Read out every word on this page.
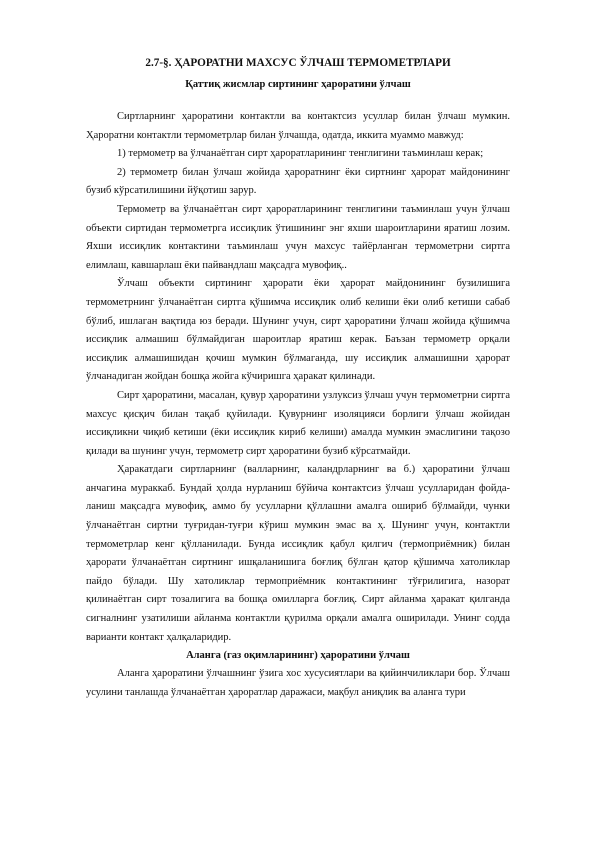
2.7-§. ҲАРОРАТНИ МАХСУС ЎЛЧАШ ТЕРМОМЕТРЛАРИ
Қаттиқ жисмлар сиртининг ҳароратини ўлчаш

Сиртларнинг ҳароратини контактли ва контактсиз усуллар билан ўлчаш мумкин. Ҳароратни контактли термометрлар билан ўлчашда, одатда, иккита муаммо мавжуд:

1) термометр ва ўлчанаётган сирт ҳароратларининг тенглигини таъминлаш керак;

2) термометр билан ўлчаш жойида ҳароратнинг ёки сиртнинг ҳарорат майдонининг бузиб кўрсатилишини йўқотиш зарур.

Термометр ва ўлчанаётган сирт ҳароратларининг тенглигини таъминлаш учун ўлчаш объекти сиртидан термометрга иссиқлик ўтишининг энг яхши шароитларини яратиш лозим. Яхши иссиқлик контактини таъминлаш учун махсус тайёрланган термометрни сиртга елимлаш, кавшарлаш ёки пайвандлаш мақсадга мувофиқ..

Ўлчаш объекти сиртининг ҳарорати ёки ҳарорат майдонининг бузилишига термометрнинг ўлчанаётган сиртга қўшимча иссиқлик олиб келиши ёки олиб кетиши сабаб бўлиб, ишлаган вақтида юз беради. Шунинг учун, сирт ҳароратини ўлчаш жойида қўшимча иссиқлик алмашиш бўлмайдиган шароитлар яратиш керак. Баъзан термометр орқали иссиқлик алмашишидан қочиш мумкин бўлмаганда, шу иссиқлик алмашишни ҳарорат ўлчанадиган жойдан бошқа жойга кўчиришга ҳаракат қилинади.

Сирт ҳароратини, масалан, қувур ҳароратини узлуксиз ўлчаш учун термометрни сиртга махсус қисқич билан тақаб қуйилади. Қувурнинг изоляцияси борлиги ўлчаш жойидан иссиқликни чиқиб кетиши (ёки иссиқлик кириб келиши) амалда мумкин эмаслигини тақозо қилади ва шунинг учун, термометр сирт ҳароратини бузиб кўрсатмайди.

Ҳаракатдаги сиртларнинг (валларнинг, каландрларнинг ва б.) ҳароратини ўлчаш анчагина мураккаб. Бундай ҳолда нурланиш бўйича контактсиз ўлчаш усулларидан фойда-ланиш мақсадга мувофиқ, аммо бу усулларни қўллашни амалга ошириб бўлмайди, чунки ўлчанаётган сиртни туғридан-туғри кўриш мумкин эмас ва ҳ. Шунинг учун, контактли термометрлар кенг қўлланилади. Бунда иссиқлик қабул қилгич (термоприёмник) билан ҳарорати ўлчанаётган сиртнинг ишқаланишига боғлиқ бўлган қатор қўшимча хатоликлар пайдо бўлади. Шу хатоликлар термоприёмник контактининг тўғрилигига, назорат қилинаётган сирт тозалигига ва бошқа омилларга боғлиқ. Сирт айланма ҳаракат қилганда сигналнинг узатилиши айланма контактли қурилма орқали амалга оширилади. Унинг содда варианти контакт ҳалқаларидир.

Аланга (газ оқимларининг) ҳароратини ўлчаш

Аланга ҳароратини ўлчашнинг ўзига хос хусусиятлари ва қийинчиликлари бор. Ўлчаш усулини танлашда ўлчанаётган ҳароратлар даражаси, мақбул аниқлик ва аланга тури
